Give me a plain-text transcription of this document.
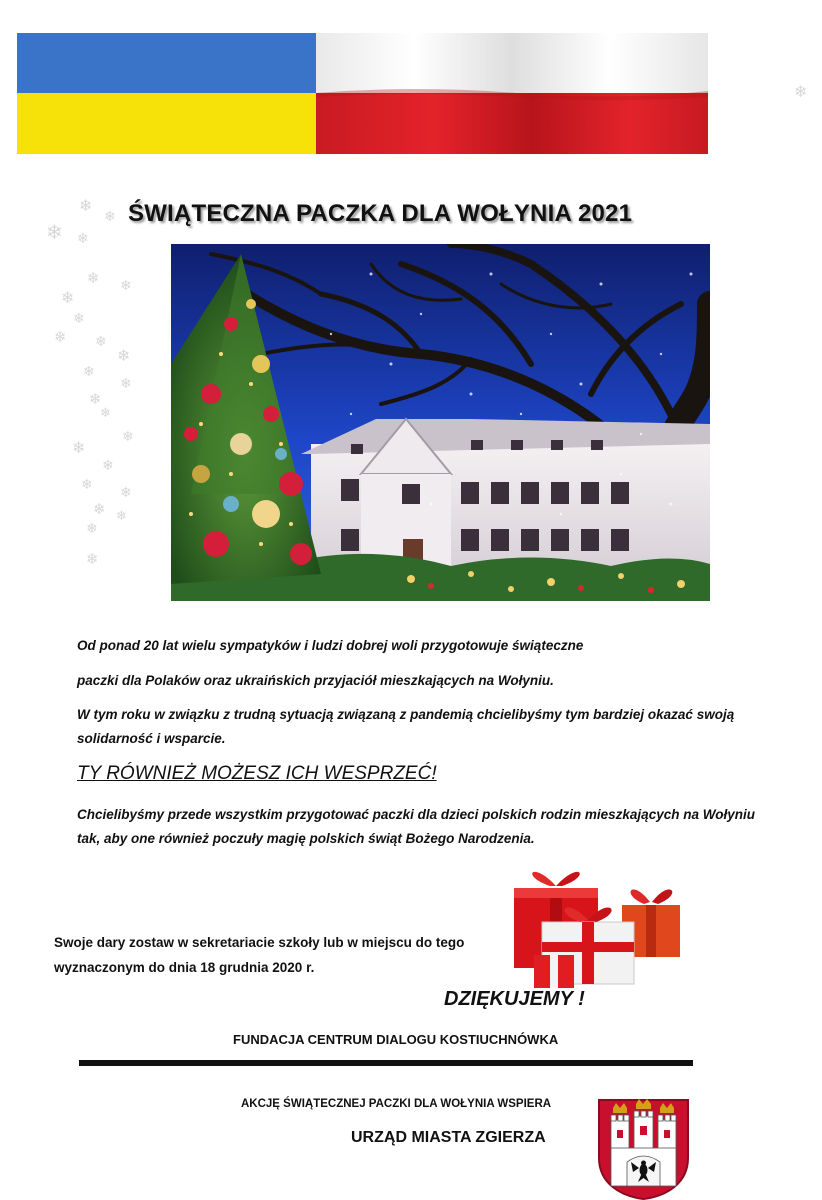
❄
❄
❄
❄ ❄
❄ ❄
❄
❄
❄ ❄
❄
❄
❄
❄
❄
❄
❄
❄
❄ ❄
❄ ❄
❄
❄
ŚWIĄTECZNA PACZKA DLA WOŁYNIA 2021
Od ponad 20 lat wielu sympatyków i ludzi dobrej woli przygotowuje świąteczne
paczki dla Polaków oraz ukraińskich przyjaciół mieszkających na Wołyniu.
W tym roku w związku z trudną sytuacją związaną z pandemią chcielibyśmy tym bardziej okazać swoją solidarność i wsparcie.
TY RÓWNIEŻ MOŻESZ ICH WESPRZEĆ!
Chcielibyśmy przede wszystkim przygotować paczki dla dzieci polskich rodzin mieszkających na Wołyniu tak, aby one również poczuły magię polskich świąt Bożego Narodzenia.
Swoje dary zostaw w sekretariacie szkoły lub w miejscu do tego wyznaczonym do dnia 18 grudnia 2020 r.
DZIĘKUJEMY !
FUNDACJA CENTRUM DIALOGU KOSTIUCHNÓWKA
AKCJĘ ŚWIĄTECZNEJ PACZKI DLA WOŁYNIA WSPIERA
URZĄD MIASTA ZGIERZA
